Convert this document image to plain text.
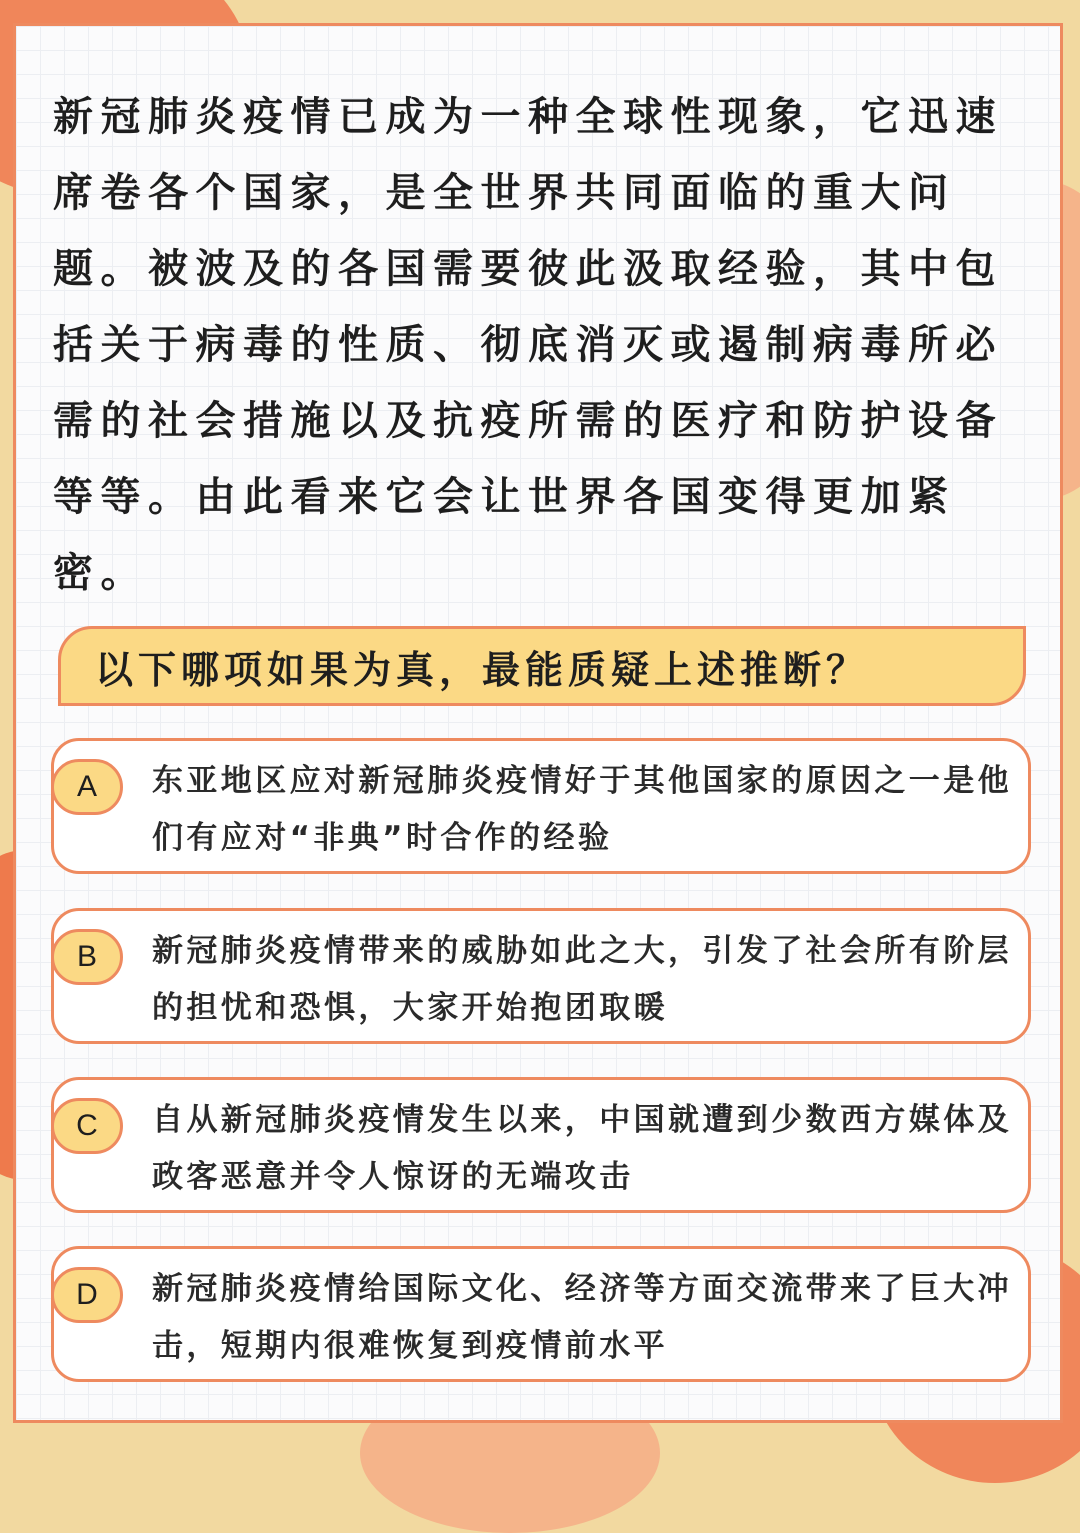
新冠肺炎疫情已成为一种全球性现象，它迅速席卷各个国家，是全世界共同面临的重大问题。被波及的各国需要彼此汲取经验，其中包括关于病毒的性质、彻底消灭或遏制病毒所必需的社会措施以及抗疫所需的医疗和防护设备等等。由此看来它会让世界各国变得更加紧密。

以下哪项如果为真，最能质疑上述推断？
A	东亚地区应对新冠肺炎疫情好于其他国家的原因之一是他们有应对“非典”时合作的经验

B	新冠肺炎疫情带来的威胁如此之大，引发了社会所有阶层的担忧和恐惧，大家开始抱团取暖

C	自从新冠肺炎疫情发生以来，中国就遭到少数西方媒体及政客恶意并令人惊讶的无端攻击

D	新冠肺炎疫情给国际文化、经济等方面交流带来了巨大冲击，短期内很难恢复到疫情前水平
